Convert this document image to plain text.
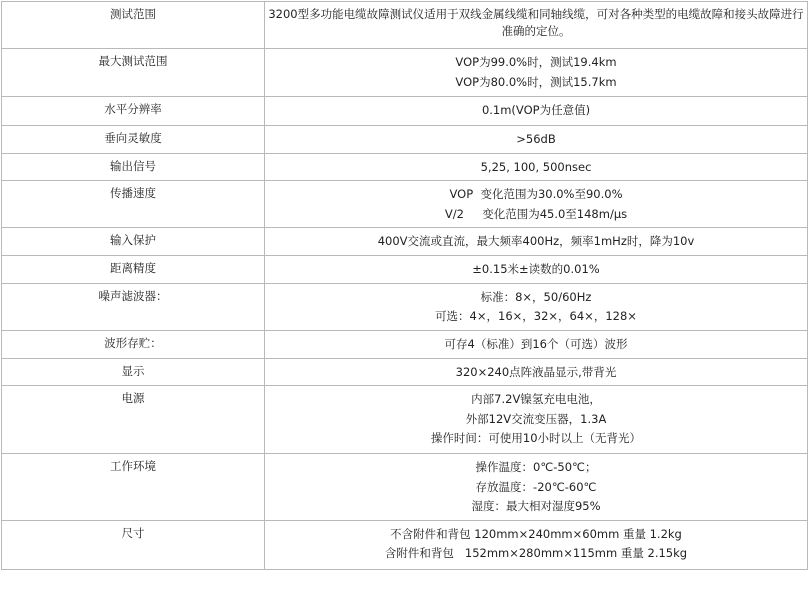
测试范围	3200型多功能电缆故障测试仪适用于双线金属线缆和同轴线缆，可对各种类型的电缆故障和接头故障进行准确的定位。

最大测试范围	VOP为99.0%时，测试19.4km
VOP为80.0%时，测试15.7km

水平分辨率	0.1m(VOP为任意值)

垂向灵敏度	>56dB

输出信号	5,25, 100, 500nsec

传播速度	VOP  变化范围为30.0%至90.0%
V/2     变化范围为45.0至148m/μs

输入保护	400V交流或直流，最大频率400Hz，频率1mHz时，降为10v

距离精度	±0.15米±读数的0.01%

噪声滤波器：	标准：8×，50/60Hz
可选：4×，16×，32×，64×，128×

波形存贮：	可存4（标准）到16个（可选）波形

显示	320×240点阵液晶显示,带背光

电源	内部7.2V镍氢充电电池，
外部12V交流变压器，1.3A
操作时间：可使用10小时以上（无背光）

工作环境	操作温度：0℃-50℃；
存放温度：-20℃-60℃
湿度：最大相对湿度95%

尺寸	不含附件和背包 120mm×240mm×60mm 重量 1.2kg
含附件和背包   152mm×280mm×115mm 重量 2.15kg
